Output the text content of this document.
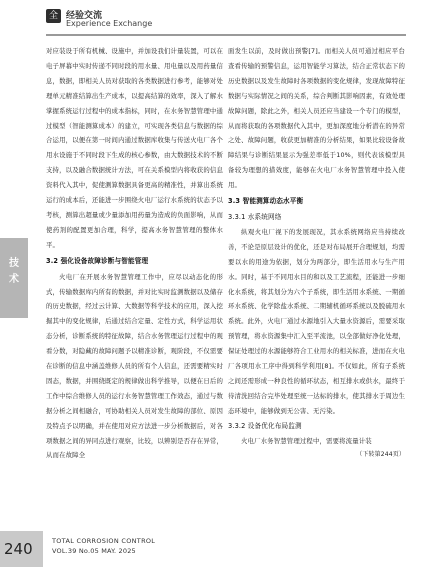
全 经验交流
Experience Exchange
技术

对应装设于所有机械、设施中，并加设我们计量装置，可以在电子屏幕中实时传递不同时段的用水量、用电量以及用药量信息，数据，即相关人员对获取的各类数据进行参考，能够对处理单元精准结算出生产成本，以提高结算的效率，深入了解水掌握系统运行过程中的成本指标，同时，在水务智慧管理中通过模型（智能测算成本）的建立，可实现各类信息与数据的综合运用，以便在第一时间内通过数据库收集与传送火电厂各个用水设施于不同时段下生成的核心参数，由大数据技术的不断支持，以及融合数据统计方法，可在关系模型内将收获的信息资料代入其中，促使测算数据具备更高的精准性，并算出系统运行的成本后，还能进一步围绕火电厂运行水系统的状态予以考核，测算出超量或少量添加用药量为造成的负面影响，从而使药剂的配置更加合理，科学，提高水务智慧管理的整体水平。

3.2 强化设备故障诊断与智能管理

火电厂在开展水务智慧管理工作中，应尽以动态化的形式，传输数据库内所有的数据，并对比实时监测数据以及储存的历史数据，经过云计算、大数据等科学技术的应用，深入挖掘其中的变化规律，后通过结合定量、定性方式，科学运用状态分析，诊断系统的特征故障，结合水务管理运行过程中的观看分数，对隐藏的故障问题予以精准诊断，观阶段，不仅需要在诊断的信息中涵盖维修人员的所有个人信息，还需要精实时固态，数据，并围绕既定的规律做出科学推导，以便在日后的工作中综合维修人员的运行水务智慧管理工作效态，通过与数据分析之间相融合，可协助相关人员对发生故障的部位、原因及特点予以明确，并在使用对应方法进一步分析数据后，对各项数据之间的异同点进行观察，比较，以辨别是否存在异常，从而在故障全

面发生以前，及时做出预警[7]。而相关人员可通过相应平台查看传输的预警信息，运用智能学习算法，结合正常状态下的历史数据以及发生故障时各项数据的变化规律，发现故障特征数据与实际情况之间的关系，综合判断其影响因素，有效处理故障问题，除此之外，相关人员还应当建设一个专门的模型，从而将获取的各项数据代入其中，更加深度地分析潜在的异常之处、故障问题，收获更加精准的分析结果，如果比较设备故障结果与诊断结果显示为强差率低于10%，则代表该模型具备较为理想的措效度，能够在火电厂水务智慧管理中投入使用。

3.3 智能测算动态水平衡

3.3.1 水系统网络

纵观火电厂视下的发展现况，其水系统网络应当持续改善，不论是原层设计的优化，还是对布局展开合理规划，均需要以水的用途为依据，划分为两部分，即生活用水与生产用水。同时，基于不同用水目的和以及工艺流程，还能进一步细化水系统，将其划分为六个子系统，即生活用水系统、一期循环水系统、化学除盐水系统、二期辅机循环系统以及脱硫用水系统。此外，火电厂通过水源地引入大量水资源后，需要采取预管理，将水资源集中汇入至平流池，以全部做好净化处理，保证处理过的水源能够符合工业用水的相关标准，进而在火电厂各项用水工序中得到科学利用[8]。不仅如此，所有子系统之间还需形成一种良性的循环状态，相互排水或供水，最终于待清洗回结合完毕处理至统一达标的排水，使其排水于周边生态环境中，能够做到无公害、无污染。

3.3.2 设备优化布局监测

火电厂水务智慧管理过程中，需要将流量计装

（下转第244页）

240	TOTAL CORROSION CONTROL
VOL.39 No.05 MAY. 2025
